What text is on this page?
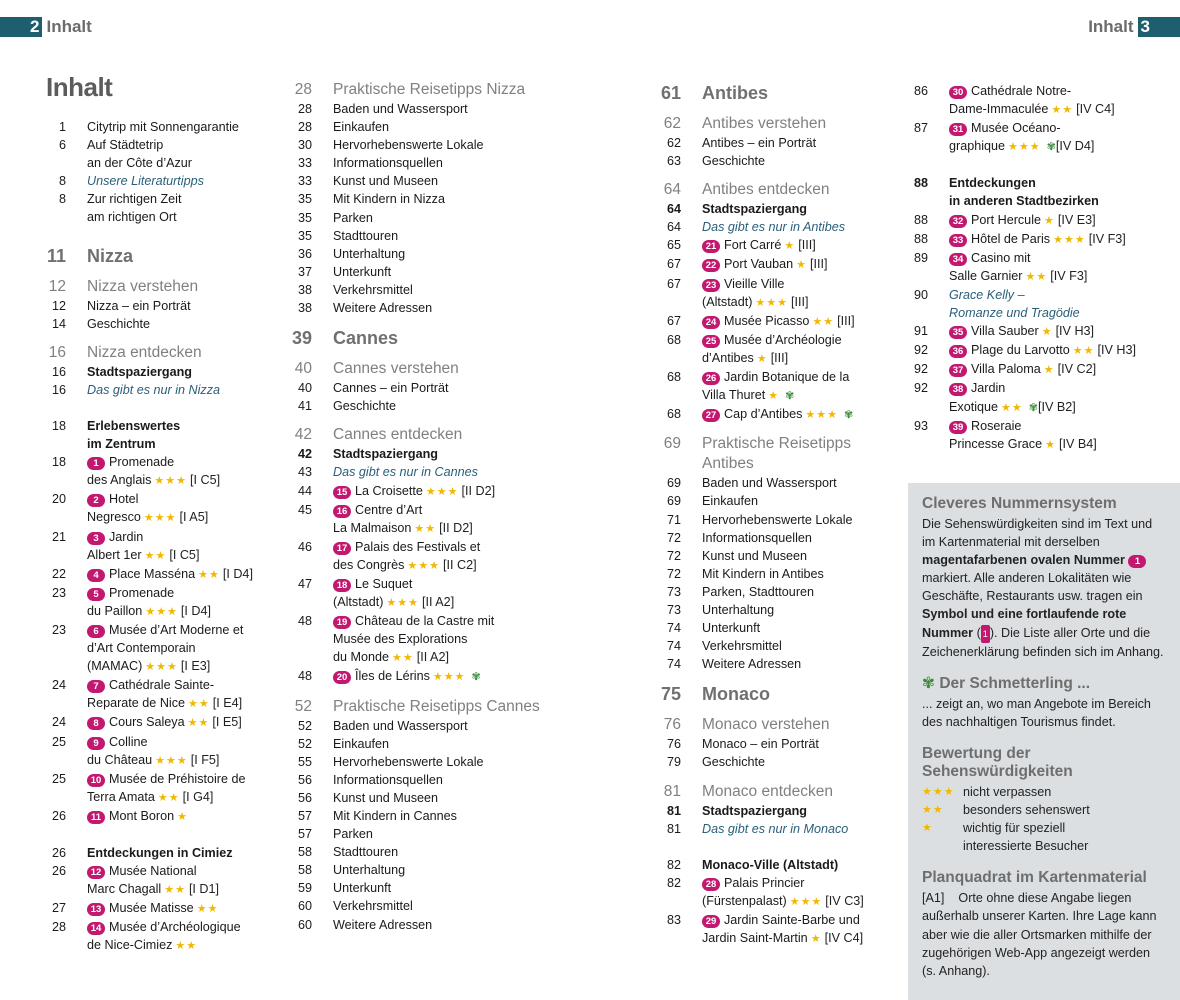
2 Inhalt	Inhalt 3
Inhalt
1 Citytrip mit Sonnengarantie
6 Auf Städtetrip
an der Côte d’Azur
8 Unsere Literaturtipps
8 Zur richtigen Zeit
am richtigen Ort
11 Nizza
12 Nizza verstehen
12 Nizza – ein Porträt
14 Geschichte
16 Nizza entdecken
16 Stadtspaziergang
16 Das gibt es nur in Nizza
18 Erlebenswertes
im Zentrum
18	1 Promenade
des Anglais ★★★ [I C5]
20	2 Hotel
Negresco ★★★ [I A5]
21	3 Jardin
Albert 1er ★★ [I C5]
22	4 Place Masséna ★★ [I D4]
23	5 Promenade
du Paillon ★★★ [I D4]
23	6 Musée d’Art Moderne et
d’Art Contemporain
(MAMAC) ★★★ [I E3]
24	7 Cathédrale Sainte-
Reparate de Nice ★★ [I E4]
24	8 Cours Saleya ★★ [I E5]
25	9 Colline
du Château ★★★ [I F5]
25	10 Musée de Préhistoire de
Terra Amata ★★ [I G4]
26	11 Mont Boron ★
26 Entdeckungen in Cimiez
26	12 Musée National
Marc Chagall ★★ [I D1]
27	13 Musée Matisse ★★
28	14 Musée d’Archéologique
de Nice-Cimiez ★★
28 Praktische Reisetipps Nizza
28 Baden und Wassersport
28 Einkaufen
30 Hervorhebenswerte Lokale
33 Informationsquellen
33 Kunst und Museen
35 Mit Kindern in Nizza
35 Parken
35 Stadttouren
36 Unterhaltung
37 Unterkunft
38 Verkehrsmittel
38 Weitere Adressen
39 Cannes
40 Cannes verstehen
40 Cannes – ein Porträt
41 Geschichte
42 Cannes entdecken
42 Stadtspaziergang
43 Das gibt es nur in Cannes
44	15 La Croisette ★★★ [II D2]
45	16 Centre d’Art
La Malmaison ★★ [II D2]
46	17 Palais des Festivals et
des Congrès ★★★ [II C2]
47	18 Le Suquet
(Altstadt) ★★★ [II A2]
48	19 Château de la Castre mit
Musée des Explorations
du Monde ★★ [II A2]
48	20 Îles de Lérins ★★★ ✾
52 Praktische Reisetipps Cannes
52 Baden und Wassersport
52 Einkaufen
55 Hervorhebenswerte Lokale
56 Informationsquellen
56 Kunst und Museen
57 Mit Kindern in Cannes
57 Parken
58 Stadttouren
58 Unterhaltung
59 Unterkunft
60 Verkehrsmittel
60 Weitere Adressen
61 Antibes
62 Antibes verstehen
62 Antibes – ein Porträt
63 Geschichte
64 Antibes entdecken
64 Stadtspaziergang
64 Das gibt es nur in Antibes
65	21 Fort Carré ★ [III]
67	22 Port Vauban ★ [III]
67	23 Vieille Ville
(Altstadt) ★★★ [III]
67	24 Musée Picasso ★★ [III]
68	25 Musée d’Archéologie
d’Antibes ★ [III]
68	26 Jardin Botanique de la
Villa Thuret ★ ✾
68	27 Cap d’Antibes ★★★ ✾
69 Praktische Reisetipps Antibes
69 Baden und Wassersport
69 Einkaufen
71 Hervorhebenswerte Lokale
72 Informationsquellen
72 Kunst und Museen
72 Mit Kindern in Antibes
73 Parken, Stadttouren
73 Unterhaltung
74 Unterkunft
74 Verkehrsmittel
74 Weitere Adressen
75 Monaco
76 Monaco verstehen
76 Monaco – ein Porträt
79 Geschichte
81 Monaco entdecken
81 Stadtspaziergang
81 Das gibt es nur in Monaco
82 Monaco-Ville (Altstadt)
82	28 Palais Princier
(Fürstenpalast) ★★★ [IV C3]
83	29 Jardin Sainte-Barbe und
Jardin Saint-Martin ★ [IV C4]
86	30 Cathédrale Notre-
Dame-Immaculée ★★ [IV C4]
87	31 Musée Océano-
graphique ★★★ ✾[IV D4]
88 Entdeckungen
in anderen Stadtbezirken
88	32 Port Hercule ★ [IV E3]
88	33 Hôtel de Paris ★★★ [IV F3]
89	34 Casino mit
Salle Garnier ★★ [IV F3]
90 Grace Kelly –
Romanze und Tragödie
91	35 Villa Sauber ★ [IV H3]
92	36 Plage du Larvotto ★★ [IV H3]
92	37 Villa Paloma ★ [IV C2]
92	38 Jardin
Exotique ★★ ✾[IV B2]
93	39 Roseraie
Princesse Grace ★ [IV B4]

Cleveres Nummernsystem

Die Sehenswürdigkeiten sind im Text und im Kartenmaterial mit derselben magentafarbenen ovalen Nummer 1 markiert. Alle anderen Lokalitäten wie Geschäfte, Restaurants usw. tragen ein Symbol und eine fortlaufende rote Nummer ( 1 ). Die Liste aller Orte und die Zeichenerklärung befinden sich im Anhang.

✾ Der Schmetterling ...

... zeigt an, wo man Angebote im Bereich des nachhaltigen Tourismus findet.

Bewertung der Sehenswürdigkeiten

★★★ nicht verpassen
★★	besonders sehenswert
★	wichtig für speziell interessierte Besucher

Planquadrat im Kartenmaterial

[A1] Orte ohne diese Angabe liegen außerhalb unserer Karten. Ihre Lage kann aber wie die aller Ortsmarken mithilfe der zugehörigen Web-App angezeigt werden (s. Anhang).
